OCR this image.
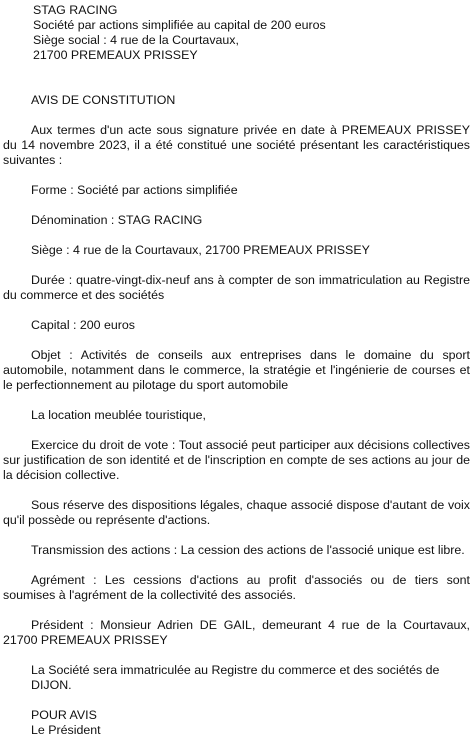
STAG RACING

Société par actions simplifiée au capital de 200 euros

Siège social : 4 rue de la Courtavaux,

21700 PREMEAUX PRISSEY

AVIS DE CONSTITUTION

Aux termes d'un acte sous signature privée en date à PREMEAUX PRISSEY du 14 novembre 2023, il a été constitué une société présentant les caractéristiques suivantes :

Forme : Société par actions simplifiée

Dénomination : STAG RACING

Siège : 4 rue de la Courtavaux, 21700 PREMEAUX PRISSEY

Durée : quatre-vingt-dix-neuf ans à compter de son immatriculation au Registre du commerce et des sociétés

Capital : 200 euros

Objet : Activités de conseils aux entreprises dans le domaine du sport automobile, notamment dans le commerce, la stratégie et l'ingénierie de courses et le perfectionnement au pilotage du sport automobile

La location meublée touristique,

Exercice du droit de vote : Tout associé peut participer aux décisions collectives sur justification de son identité et de l'inscription en compte de ses actions au jour de la décision collective.

Sous réserve des dispositions légales, chaque associé dispose d'autant de voix qu'il possède ou représente d'actions.

Transmission des actions : La cession des actions de l'associé unique est libre.

Agrément : Les cessions d'actions au profit d'associés ou de tiers sont soumises à l'agrément de la collectivité des associés.

Président : Monsieur Adrien DE GAIL, demeurant 4 rue de la Courtavaux, 21700 PREMEAUX PRISSEY

La Société sera immatriculée au Registre du commerce et des sociétés de DIJON.

POUR AVIS

Le Président
